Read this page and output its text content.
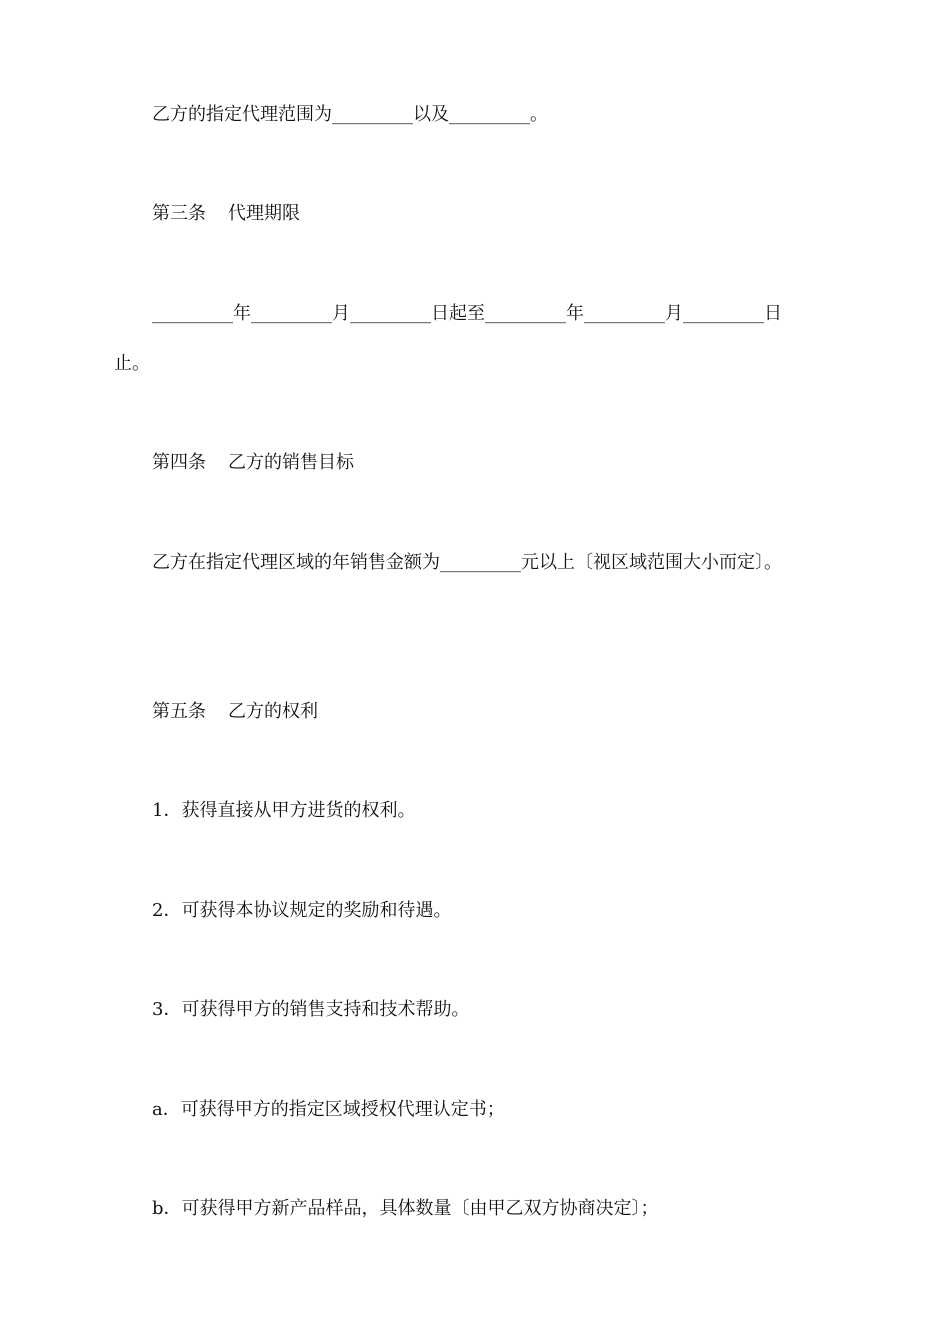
乙方的指定代理范围为_________以及_________。

第三条 代理期限

_________年_________月_________日起至_________年_________月_________日

止。

第四条 乙方的销售目标

乙方在指定代理区域的年销售金额为_________元以上〔视区域范围大小而定〕。

第五条 乙方的权利

1．获得直接从甲方进货的权利。

2．可获得本协议规定的奖励和待遇。

3．可获得甲方的销售支持和技术帮助。

a．可获得甲方的指定区域授权代理认定书；

b．可获得甲方新产品样品，具体数量〔由甲乙双方协商决定〕；
